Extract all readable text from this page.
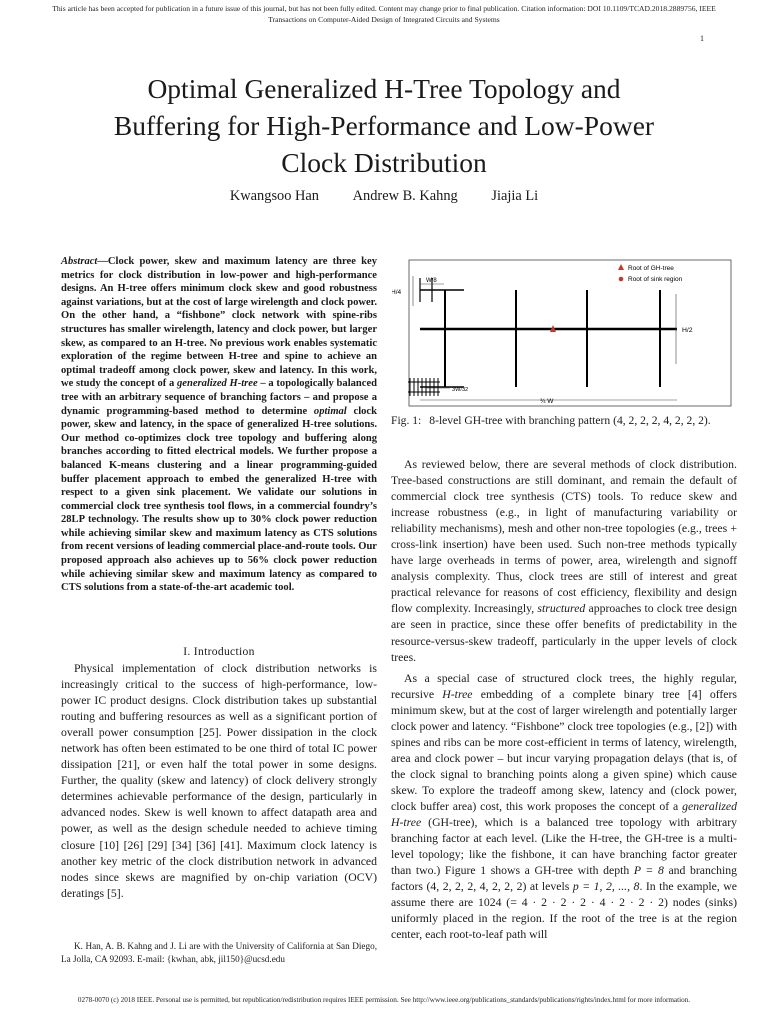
This article has been accepted for publication in a future issue of this journal, but has not been fully edited. Content may change prior to final publication. Citation information: DOI 10.1109/TCAD.2018.2889756, IEEE
Transactions on Computer-Aided Design of Integrated Circuits and Systems
1
Optimal Generalized H-Tree Topology and
Buffering for High-Performance and Low-Power
Clock Distribution
Kwangsoo Han Andrew B. Kahng Jiajia Li
Abstract—Clock power, skew and maximum latency are three key metrics for clock distribution in low-power and high-performance designs. An H-tree offers minimum clock skew and good robustness against variations, but at the cost of large wirelength and clock power. On the other hand, a “fishbone” clock network with spine-ribs structures has smaller wirelength, latency and clock power, but larger skew, as compared to an H-tree. No previous work enables systematic exploration of the regime between H-tree and spine to achieve an optimal tradeoff among clock power, skew and latency. In this work, we study the concept of a generalized H-tree – a topologically balanced tree with an arbitrary sequence of branching factors – and propose a dynamic programming-based method to determine optimal clock power, skew and latency, in the space of generalized H-tree solutions. Our method co-optimizes clock tree topology and buffering along branches according to fitted electrical models. We further propose a balanced K-means clustering and a linear programming-guided buffer placement approach to embed the generalized H-tree with respect to a given sink placement. We validate our solutions in commercial clock tree synthesis tool flows, in a commercial foundry’s 28LP technology. The results show up to 30% clock power reduction while achieving similar skew and maximum latency as CTS solutions from recent versions of leading commercial place-and-route tools. Our proposed approach also achieves up to 56% clock power reduction while achieving similar skew and maximum latency as compared to CTS solutions from a state-of-the-art academic tool.
I. Introduction

Physical implementation of clock distribution networks is increasingly critical to the success of high-performance, low-power IC product designs. Clock distribution takes up substantial routing and buffering resources as well as a significant portion of overall power consumption [25]. Power dissipation in the clock network has often been estimated to be one third of total IC power dissipation [21], or even half the total power in some designs. Further, the quality (skew and latency) of clock delivery strongly determines achievable performance of the design, particularly in advanced nodes. Skew is well known to affect datapath area and power, as well as the design schedule needed to achieve timing closure [10] [26] [29] [34] [36] [41]. Maximum clock latency is another key metric of the clock distribution network in advanced nodes since skews are magnified by on-chip variation (OCV) deratings [5].

K. Han, A. B. Kahng and J. Li are with the University of California at San Diego, La Jolla, CA 92093. E-mail: {kwhan, abk, jil150}@ucsd.edu
Root of GH-tree
Root of sink region
W/8
H/4
H/2
3W/32
¾ W
Fig. 1: 8-level GH-tree with branching pattern (4, 2, 2, 2, 4, 2, 2, 2).

As reviewed below, there are several methods of clock distribution. Tree-based constructions are still dominant, and remain the default of commercial clock tree synthesis (CTS) tools. To reduce skew and increase robustness (e.g., in light of manufacturing variability or reliability mechanisms), mesh and other non-tree topologies (e.g., trees + cross-link insertion) have been used. Such non-tree methods typically have large overheads in terms of power, area, wirelength and signoff analysis complexity. Thus, clock trees are still of interest and great practical relevance for reasons of cost efficiency, flexibility and design flow complexity. Increasingly, structured approaches to clock tree design are seen in practice, since these offer benefits of predictability in the resource-versus-skew tradeoff, particularly in the upper levels of clock trees.

As a special case of structured clock trees, the highly regular, recursive H-tree embedding of a complete binary tree [4] offers minimum skew, but at the cost of larger wirelength and potentially larger clock power and latency. “Fishbone” clock tree topologies (e.g., [2]) with spines and ribs can be more cost-efficient in terms of latency, wirelength, area and clock power – but incur varying propagation delays (that is, of the clock signal to branching points along a given spine) which cause skew. To explore the tradeoff among skew, latency and (clock power, clock buffer area) cost, this work proposes the concept of a generalized H-tree (GH-tree), which is a balanced tree topology with arbitrary branching factor at each level. (Like the H-tree, the GH-tree is a multi-level topology; like the fishbone, it can have branching factor greater than two.) Figure 1 shows a GH-tree with depth P = 8 and branching factors (4, 2, 2, 2, 4, 2, 2, 2) at levels p = 1, 2, ..., 8. In the example, we assume there are 1024 (= 4 · 2 · 2 · 2 · 4 · 2 · 2 · 2) nodes (sinks) uniformly placed in the region. If the root of the tree is at the region center, each root-to-leaf path will

0278-0070 (c) 2018 IEEE. Personal use is permitted, but republication/redistribution requires IEEE permission. See http://www.ieee.org/publications_standards/publications/rights/index.html for more information.
